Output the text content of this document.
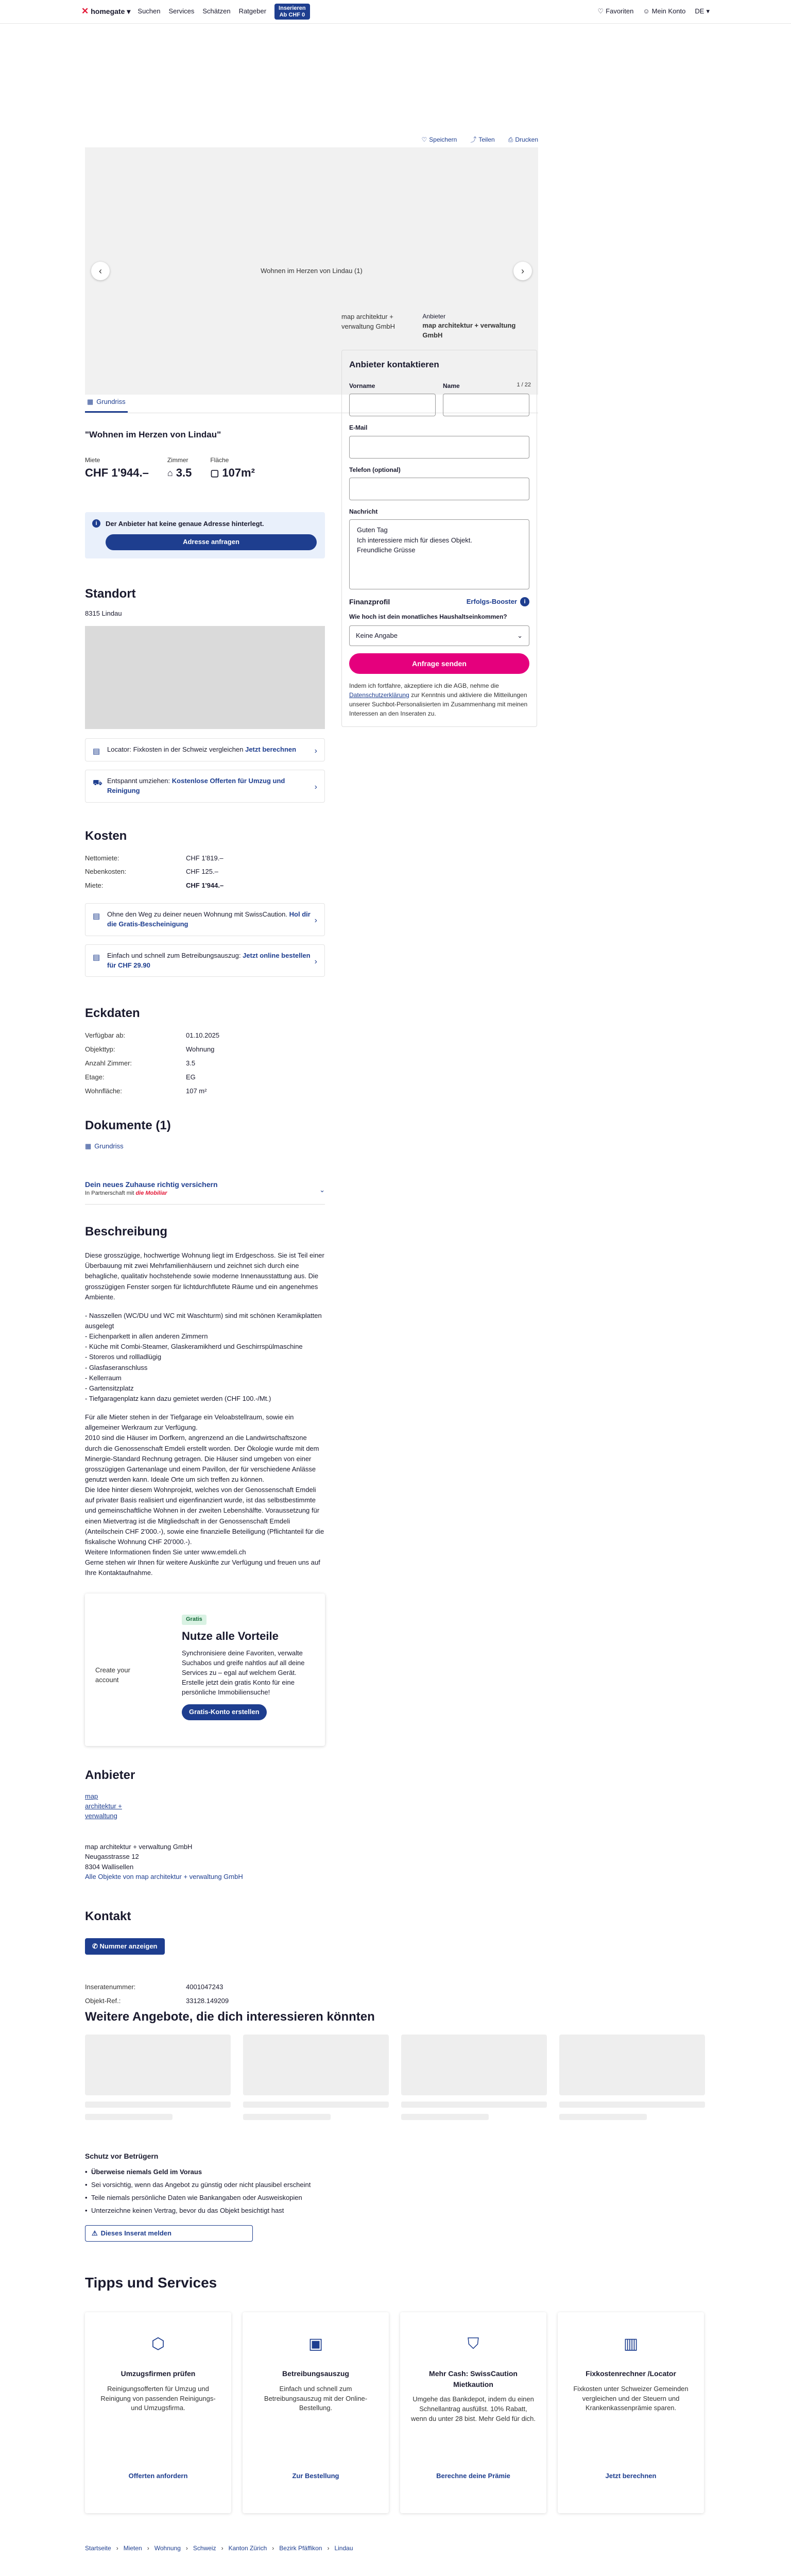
✕ homegate ▾ Suchen Services Schätzen Ratgeber Inserieren
Ab CHF 0	♡ Favoriten ☺ Mein Konto DE ▾
♡ Speichern ⤴ Teilen ⎙ Drucken
Wohnen im Herzen von Lindau (1)
‹	›
1 / 22
▦ Grundriss
"Wohnen im Herzen von Lindau"
Miete
CHF 1'944.–
Zimmer
⌂ 3.5
Fläche
▢ 107m²
i	Der Anbieter hat keine genaue Adresse hinterlegt.
Adresse anfragen
Standort
8315 Lindau
▤ Locator: Fixkosten in der Schweiz vergleichen Jetzt berechnen ›
⛟ Entspannt umziehen: Kostenlose Offerten für Umzug und Reinigung	›
Kosten
Nettomiete:	CHF 1'819.–
Nebenkosten:	CHF 125.–
Miete:	CHF 1'944.–
▤ Ohne den Weg zu deiner neuen Wohnung mit SwissCaution. Hol dir die Gratis-Bescheinigung	›
▤ Einfach und schnell zum Betreibungsauszug: Jetzt online bestellen für CHF 29.90	›
Eckdaten
Verfügbar ab:	01.10.2025
Objekttyp:	Wohnung
Anzahl Zimmer:	3.5
Etage:	EG
Wohnfläche:	107 m²
Dokumente (1)
▦ Grundriss
Dein neues Zuhause richtig versichern
In Partnerschaft mit die Mobiliar	⌄
Beschreibung

Diese grosszügige, hochwertige Wohnung liegt im Erdgeschoss. Sie ist Teil einer Überbauung mit zwei Mehrfamilienhäusern und zeichnet sich durch eine behagliche, qualitativ hochstehende sowie moderne Innenausstattung aus. Die grosszügigen Fenster sorgen für lichtdurchflutete Räume und ein angenehmes Ambiente.

- Nasszellen (WC/DU und WC mit Waschturm) sind mit schönen Keramikplatten ausgelegt
- Eichenparkett in allen anderen Zimmern
- Küche mit Combi-Steamer, Glaskeramikherd und Geschirrspülmaschine
- Storeros und rollladlügig
- Glasfaseranschluss
- Kellerraum
- Gartensitzplatz
- Tiefgaragenplatz kann dazu gemietet werden (CHF 100.-/Mt.)

Für alle Mieter stehen in der Tiefgarage ein Veloabstellraum, sowie ein allgemeiner Werkraum zur Verfügung.
2010 sind die Häuser im Dorfkern, angrenzend an die Landwirtschaftszone durch die Genossenschaft Emdeli erstellt worden. Der Ökologie wurde mit dem Minergie-Standard Rechnung getragen. Die Häuser sind umgeben von einer grosszügigen Gartenanlage und einem Pavillon, der für verschiedene Anlässe genutzt werden kann. Ideale Orte um sich treffen zu können.
Die Idee hinter diesem Wohnprojekt, welches von der Genossenschaft Emdeli auf privater Basis realisiert und eigenfinanziert wurde, ist das selbstbestimmte und gemeinschaftliche Wohnen in der zweiten Lebenshälfte. Voraussetzung für einen Mietvertrag ist die Mitgliedschaft in der Genossenschaft Emdeli (Anteilschein CHF 2'000.-), sowie eine finanzielle Beteiligung (Pflichtanteil für die fiskalische Wohnung CHF 20'000.-).
Weitere Informationen finden Sie unter www.emdeli.ch
Gerne stehen wir Ihnen für weitere Auskünfte zur Verfügung und freuen uns auf Ihre Kontaktaufnahme.

Create your account
Gratis
Nutze alle Vorteile

Synchronisiere deine Favoriten, verwalte Suchabos und greife nahtlos auf all deine Services zu – egal auf welchem Gerät. Erstelle jetzt dein gratis Konto für eine persönliche Immobiliensuche!

Gratis-Konto erstellen
Anbieter
map architektur + verwaltung
map architektur + verwaltung GmbH
Neugasstrasse 12
8304 Wallisellen
Alle Objekte von map architektur + verwaltung GmbH
Kontakt
✆ Nummer anzeigen
Inseratenummer:	4001047243
Objekt-Ref.:	33128.149209
map architektur + verwaltung GmbH
Anbieter
map architektur + verwaltung GmbH
Anbieter kontaktieren
Vorname	Name
E-Mail
Telefon (optional)
Nachricht
Guten Tag
Ich interessiere mich für dieses Objekt.
Freundliche Grüsse
Finanzprofil	Erfolgs-Booster	i
Wie hoch ist dein monatliches Haushaltseinkommen?
Keine Angabe	⌄
Anfrage senden
Indem ich fortfahre, akzeptiere ich die AGB, nehme die Datenschutzerklärung zur Kenntnis und aktiviere die Mitteilungen unserer Suchbot-Personalisierten im Zusammenhang mit meinen Interessen an den Inseraten zu.
Weitere Angebote, die dich interessieren könnten
Schutz vor Betrügern
• Überweise niemals Geld im Voraus
• Sei vorsichtig, wenn das Angebot zu günstig oder nicht plausibel erscheint
• Teile niemals persönliche Daten wie Bankangaben oder Ausweiskopien
• Unterzeichne keinen Vertrag, bevor du das Objekt besichtigt hast
⚠ Dieses Inserat melden
Tipps und Services
⬡
Umzugsfirmen prüfen

Reinigungsofferten für Umzug und Reinigung von passenden Reinigungs- und Umzugsfirma.

Offerten anfordern
▣
Betreibungsauszug

Einfach und schnell zum Betreibungsauszug mit der Online-Bestellung.

Zur Bestellung
⛉
Mehr Cash: SwissCaution Mietkaution

Umgehe das Bankdepot, indem du einen Schnellantrag ausfüllst. 10% Rabatt, wenn du unter 28 bist. Mehr Geld für dich.

Berechne deine Prämie
▥
Fixkostenrechner /Locator

Fixkosten unter Schweizer Gemeinden vergleichen und der Steuern und Krankenkassenprämie sparen.

Jetzt berechnen
Startseite › Mieten › Wohnung › Schweiz › Kanton Zürich › Bezirk Pfäffikon › Lindau
